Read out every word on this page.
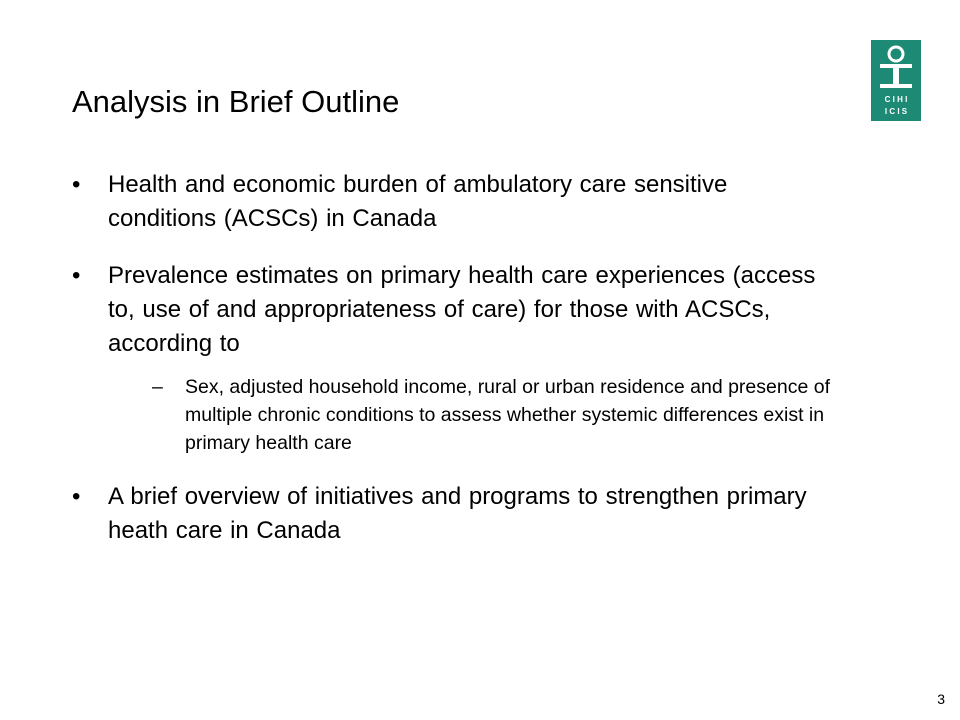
Analysis in Brief Outline	C I H I
I C I S
• Health and economic burden of ambulatory care sensitive conditions (ACSCs) in Canada
• Prevalence estimates on primary health care experiences (access to, use of and appropriateness of care) for those with ACSCs, according to
– Sex, adjusted household income, rural or urban residence and presence of multiple chronic conditions to assess whether systemic differences exist in primary health care
• A brief overview of initiatives and programs to strengthen primary heath care in Canada
3
